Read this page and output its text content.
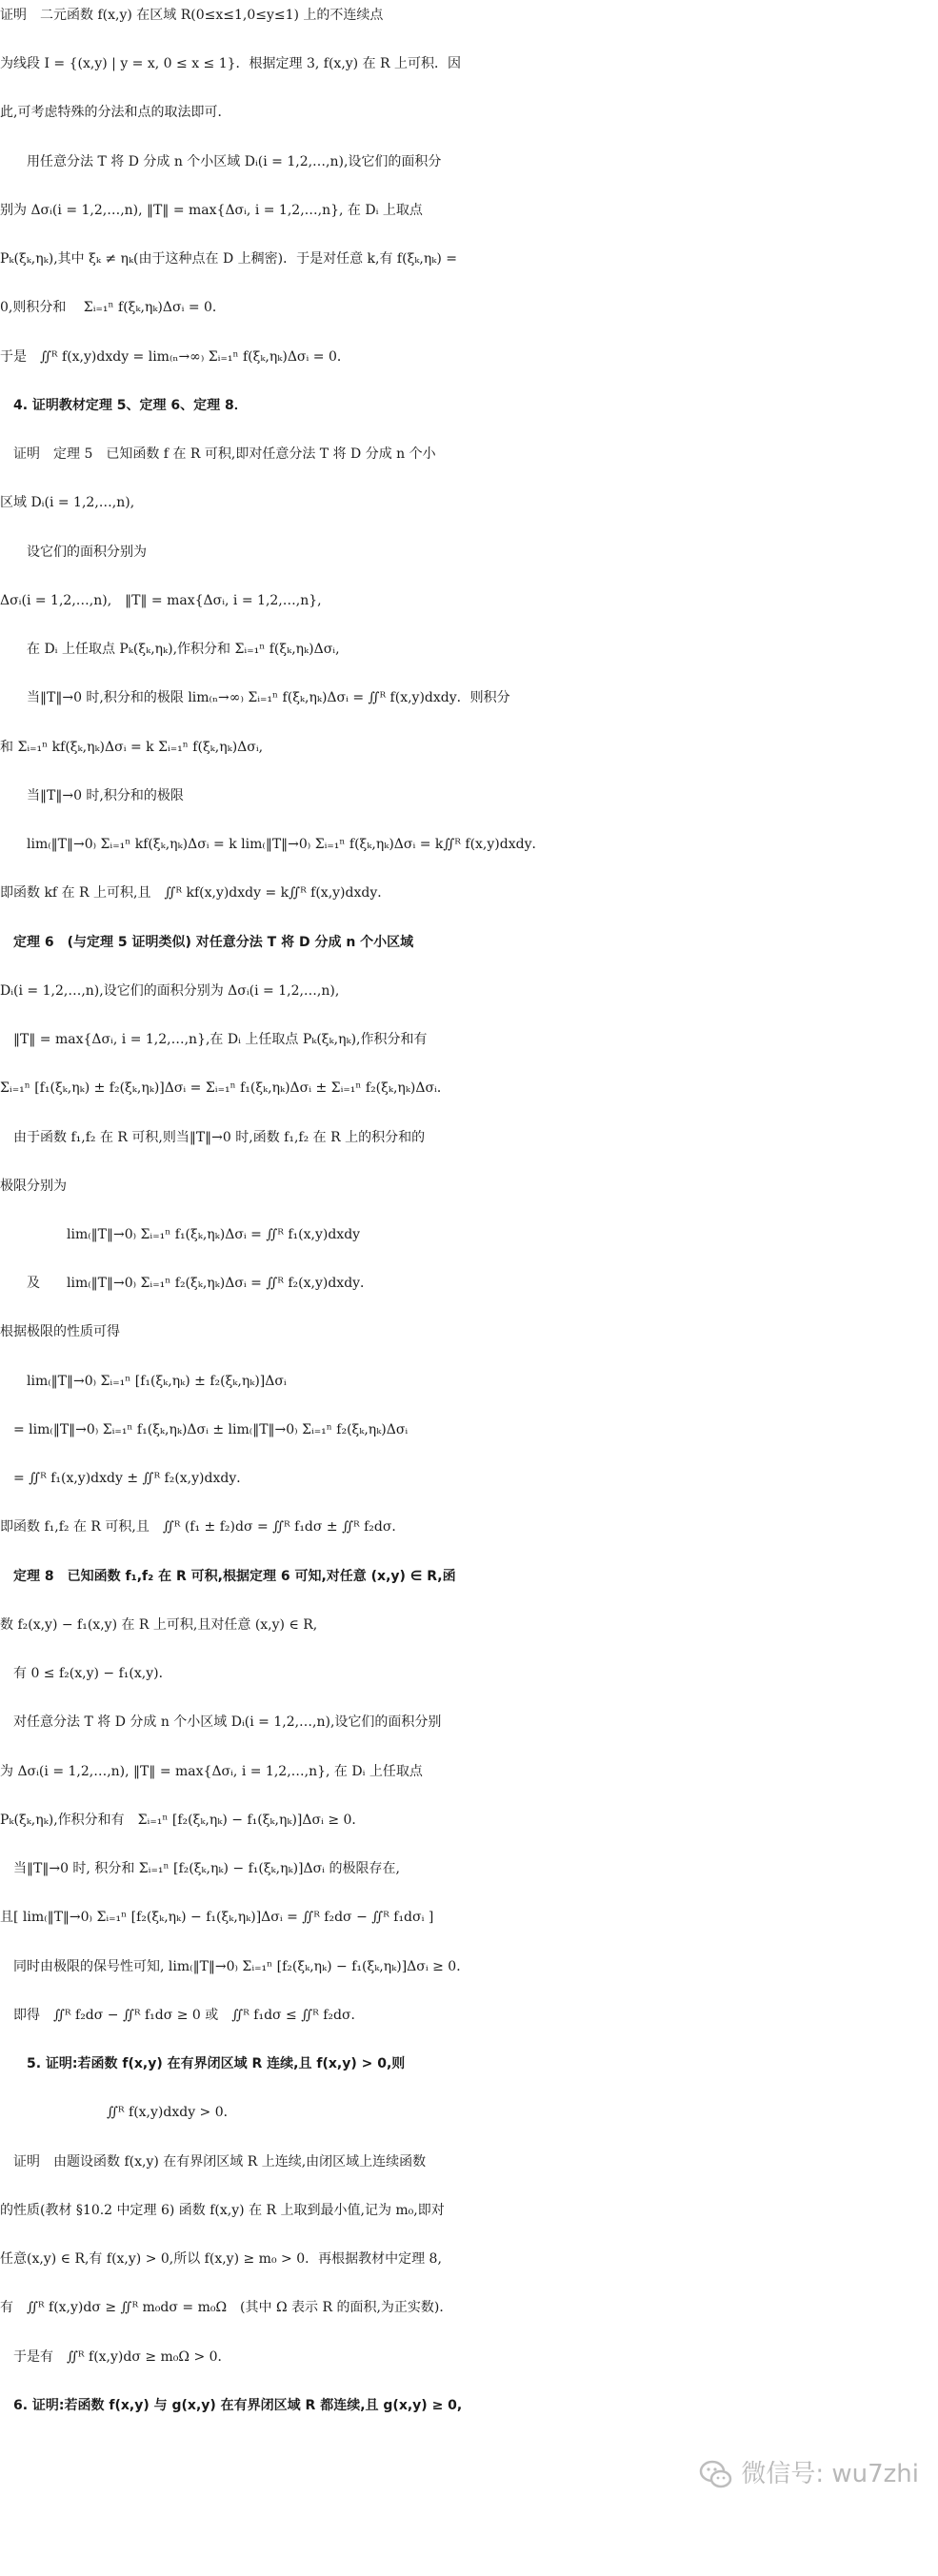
证明　二元函数 f(x,y) 在区域 R(0≤x≤1,0≤y≤1) 上的不连续点
为线段 I = {(x,y) | y = x, 0 ≤ x ≤ 1}．根据定理 3, f(x,y) 在 R 上可积．因
此,可考虑特殊的分法和点的取法即可．
　　用任意分法 T 将 D 分成 n 个小区域 Dᵢ(i = 1,2,…,n),设它们的面积分
别为 Δσᵢ(i = 1,2,…,n), ‖T‖ = max{Δσᵢ, i = 1,2,…,n}, 在 Dᵢ 上取点
Pₖ(ξₖ,ηₖ),其中 ξₖ ≠ ηₖ(由于这种点在 D 上稠密)．于是对任意 k,有 f(ξₖ,ηₖ) =
0,则积分和　 Σᵢ₌₁ⁿ f(ξₖ,ηₖ)Δσᵢ = 0．
于是　∬ᴿ f(x,y)dxdy = lim₍ₙ→∞₎ Σᵢ₌₁ⁿ f(ξₖ,ηₖ)Δσᵢ = 0．
　4. 证明教材定理 5、定理 6、定理 8．
　证明　定理 5　已知函数 f 在 R 可积,即对任意分法 T 将 D 分成 n 个小
区域 Dᵢ(i = 1,2,…,n),
　　设它们的面积分别为
Δσᵢ(i = 1,2,…,n),　‖T‖ = max{Δσᵢ, i = 1,2,…,n},
　　在 Dᵢ 上任取点 Pₖ(ξₖ,ηₖ),作积分和 Σᵢ₌₁ⁿ f(ξₖ,ηₖ)Δσᵢ,
　　当‖T‖→0 时,积分和的极限 lim₍ₙ→∞₎ Σᵢ₌₁ⁿ f(ξₖ,ηₖ)Δσᵢ = ∬ᴿ f(x,y)dxdy．则积分
和 Σᵢ₌₁ⁿ kf(ξₖ,ηₖ)Δσᵢ = k Σᵢ₌₁ⁿ f(ξₖ,ηₖ)Δσᵢ,
　　当‖T‖→0 时,积分和的极限
　　lim₍‖T‖→0₎ Σᵢ₌₁ⁿ kf(ξₖ,ηₖ)Δσᵢ = k lim₍‖T‖→0₎ Σᵢ₌₁ⁿ f(ξₖ,ηₖ)Δσᵢ = k∬ᴿ f(x,y)dxdy．
即函数 kf 在 R 上可积,且　∬ᴿ kf(x,y)dxdy = k∬ᴿ f(x,y)dxdy．
　定理 6　(与定理 5 证明类似) 对任意分法 T 将 D 分成 n 个小区域
Dᵢ(i = 1,2,…,n),设它们的面积分别为 Δσᵢ(i = 1,2,…,n),
　‖T‖ = max{Δσᵢ, i = 1,2,…,n},在 Dᵢ 上任取点 Pₖ(ξₖ,ηₖ),作积分和有
Σᵢ₌₁ⁿ [f₁(ξₖ,ηₖ) ± f₂(ξₖ,ηₖ)]Δσᵢ = Σᵢ₌₁ⁿ f₁(ξₖ,ηₖ)Δσᵢ ± Σᵢ₌₁ⁿ f₂(ξₖ,ηₖ)Δσᵢ．
　由于函数 f₁,f₂ 在 R 可积,则当‖T‖→0 时,函数 f₁,f₂ 在 R 上的积分和的
极限分别为
　　　　　lim₍‖T‖→0₎ Σᵢ₌₁ⁿ f₁(ξₖ,ηₖ)Δσᵢ = ∬ᴿ f₁(x,y)dxdy
　　及　　lim₍‖T‖→0₎ Σᵢ₌₁ⁿ f₂(ξₖ,ηₖ)Δσᵢ = ∬ᴿ f₂(x,y)dxdy．
根据极限的性质可得
　　lim₍‖T‖→0₎ Σᵢ₌₁ⁿ [f₁(ξₖ,ηₖ) ± f₂(ξₖ,ηₖ)]Δσᵢ
　= lim₍‖T‖→0₎ Σᵢ₌₁ⁿ f₁(ξₖ,ηₖ)Δσᵢ ± lim₍‖T‖→0₎ Σᵢ₌₁ⁿ f₂(ξₖ,ηₖ)Δσᵢ
　= ∬ᴿ f₁(x,y)dxdy ± ∬ᴿ f₂(x,y)dxdy．
即函数 f₁,f₂ 在 R 可积,且　∬ᴿ (f₁ ± f₂)dσ = ∬ᴿ f₁dσ ± ∬ᴿ f₂dσ．
　定理 8　已知函数 f₁,f₂ 在 R 可积,根据定理 6 可知,对任意 (x,y) ∈ R,函
数 f₂(x,y) − f₁(x,y) 在 R 上可积,且对任意 (x,y) ∈ R,
　有 0 ≤ f₂(x,y) − f₁(x,y)．
　对任意分法 T 将 D 分成 n 个小区域 Dᵢ(i = 1,2,…,n),设它们的面积分别
为 Δσᵢ(i = 1,2,…,n), ‖T‖ = max{Δσᵢ, i = 1,2,…,n}, 在 Dᵢ 上任取点
Pₖ(ξₖ,ηₖ),作积分和有　Σᵢ₌₁ⁿ [f₂(ξₖ,ηₖ) − f₁(ξₖ,ηₖ)]Δσᵢ ≥ 0．
　当‖T‖→0 时, 积分和 Σᵢ₌₁ⁿ [f₂(ξₖ,ηₖ) − f₁(ξₖ,ηₖ)]Δσᵢ 的极限存在,
且[ lim₍‖T‖→0₎ Σᵢ₌₁ⁿ [f₂(ξₖ,ηₖ) − f₁(ξₖ,ηₖ)]Δσᵢ = ∬ᴿ f₂dσ − ∬ᴿ f₁dσᵢ ]
　同时由极限的保号性可知, lim₍‖T‖→0₎ Σᵢ₌₁ⁿ [f₂(ξₖ,ηₖ) − f₁(ξₖ,ηₖ)]Δσᵢ ≥ 0．
　即得　∬ᴿ f₂dσ − ∬ᴿ f₁dσ ≥ 0 或　∬ᴿ f₁dσ ≤ ∬ᴿ f₂dσ．
　　5. 证明:若函数 f(x,y) 在有界闭区域 R 连续,且 f(x,y) > 0,则
　　　　　　　　∬ᴿ f(x,y)dxdy > 0．
　证明　由题设函数 f(x,y) 在有界闭区域 R 上连续,由闭区域上连续函数
的性质(教材 §10.2 中定理 6) 函数 f(x,y) 在 R 上取到最小值,记为 m₀,即对
任意(x,y) ∈ R,有 f(x,y) > 0,所以 f(x,y) ≥ m₀ > 0．再根据教材中定理 8,
有　∬ᴿ f(x,y)dσ ≥ ∬ᴿ m₀dσ = m₀Ω　(其中 Ω 表示 R 的面积,为正实数)．
　于是有　∬ᴿ f(x,y)dσ ≥ m₀Ω > 0．
　6. 证明:若函数 f(x,y) 与 g(x,y) 在有界闭区域 R 都连续,且 g(x,y) ≥ 0,
微信号: wu7zhi
